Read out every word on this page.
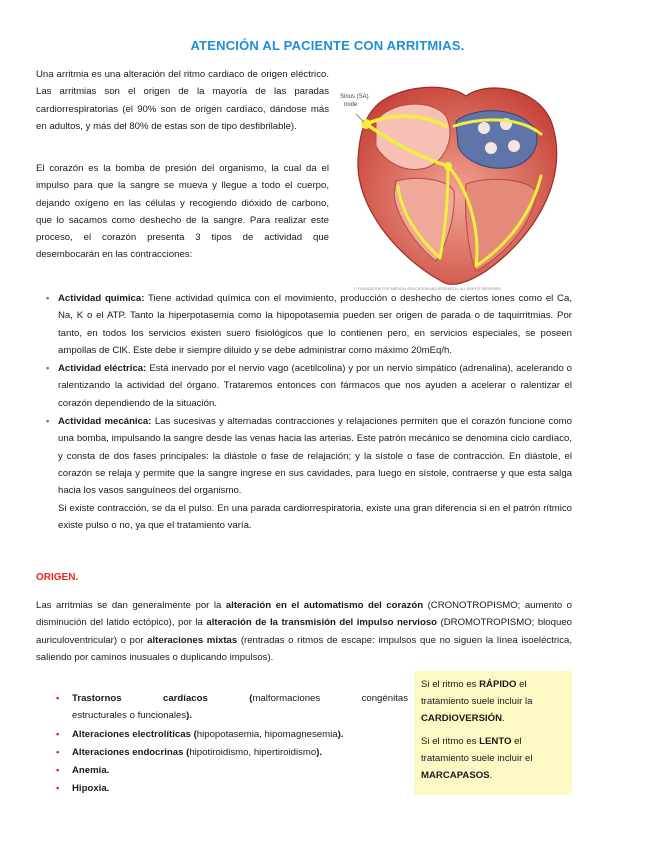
ATENCIÓN AL PACIENTE CON ARRITMIAS.

Una arritmia es una alteración del ritmo cardiaco de origen eléctrico. Las arritmias son el origen de la mayoría de las paradas cardiorrespiratorias (el 90% son de origen cardíaco, dándose más en adultos, y más del 80% de estas son de tipo desfibrilable).

El corazón es la bomba de presión del organismo, la cual da el impulso para que la sangre se mueva y llegue a todo el cuerpo, dejando oxígeno en las células y recogiendo dióxido de carbono, que lo sacamos como deshecho de la sangre. Para realizar este proceso, el corazón presenta 3 tipos de actividad que desembocarán en las contracciones:

Sinus (SA)
node
© FOUNDATION FOR MEDICAL EDUCATION AND RESEARCH. ALL RIGHTS RESERVED.
• Actividad química: Tiene actividad química con el movimiento, producción o deshecho de ciertos iones como el Ca, Na, K o el ATP. Tanto la hiperpotasemia como la hipopotasemia pueden ser origen de parada o de taquirritmias. Por tanto, en todos los servicios existen suero fisiológicos que lo contienen pero, en servicios especiales, se poseen ampollas de ClK. Este debe ir siempre diluido y se debe administrar como máximo 20mEq/h.
• Actividad eléctrica: Está inervado por el nervio vago (acetilcolina) y por un nervio simpático (adrenalina), acelerando o ralentizando la actividad del órgano. Trataremos entonces con fármacos que nos ayuden a acelerar o ralentizar el corazón dependiendo de la situación.
• Actividad mecánica: Las sucesivas y alternadas contracciones y relajaciones permiten que el corazón funcione como una bomba, impulsando la sangre desde las venas hacia las arterias. Este patrón mecánico se denomina ciclo cardíaco, y consta de dos fases principales: la diástole o fase de relajación; y la sístole o fase de contracción. En diástole, el corazón se relaja y permite que la sangre ingrese en sus cavidades, para luego en sístole, contraerse y que esta salga hacia los vasos sanguíneos del organismo.
Si existe contracción, se da el pulso. En una parada cardiorrespiratoria, existe una gran diferencia si en el patrón rítmico existe pulso o no, ya que el tratamiento varía.
ORIGEN.

Las arritmias se dan generalmente por la alteración en el automatismo del corazón (CRONOTROPISMO; aumento o disminución del latido ectópico), por la alteración de la transmisión del impulso nervioso (DROMOTROPISMO; bloqueo auriculoventricular) o por alteraciones mixtas (rentradas o ritmos de escape: impulsos que no siguen la línea isoeléctrica, saliendo por caminos inusuales o duplicando impulsos).

• Trastornos	cardíacos	(malformaciones	congénitas
estructurales o funcionales).
• Alteraciones electrolíticas (hipopotasemia, hipomagnesemia).
• Alteraciones endocrinas (hipotiroidismo, hipertiroidismo).
• Anemia.
• Hipoxia.

Si el ritmo es RÁPIDO el tratamiento suele incluir la CARDIOVERSIÓN.

Si el ritmo es LENTO el tratamiento suele incluir el MARCAPASOS.
